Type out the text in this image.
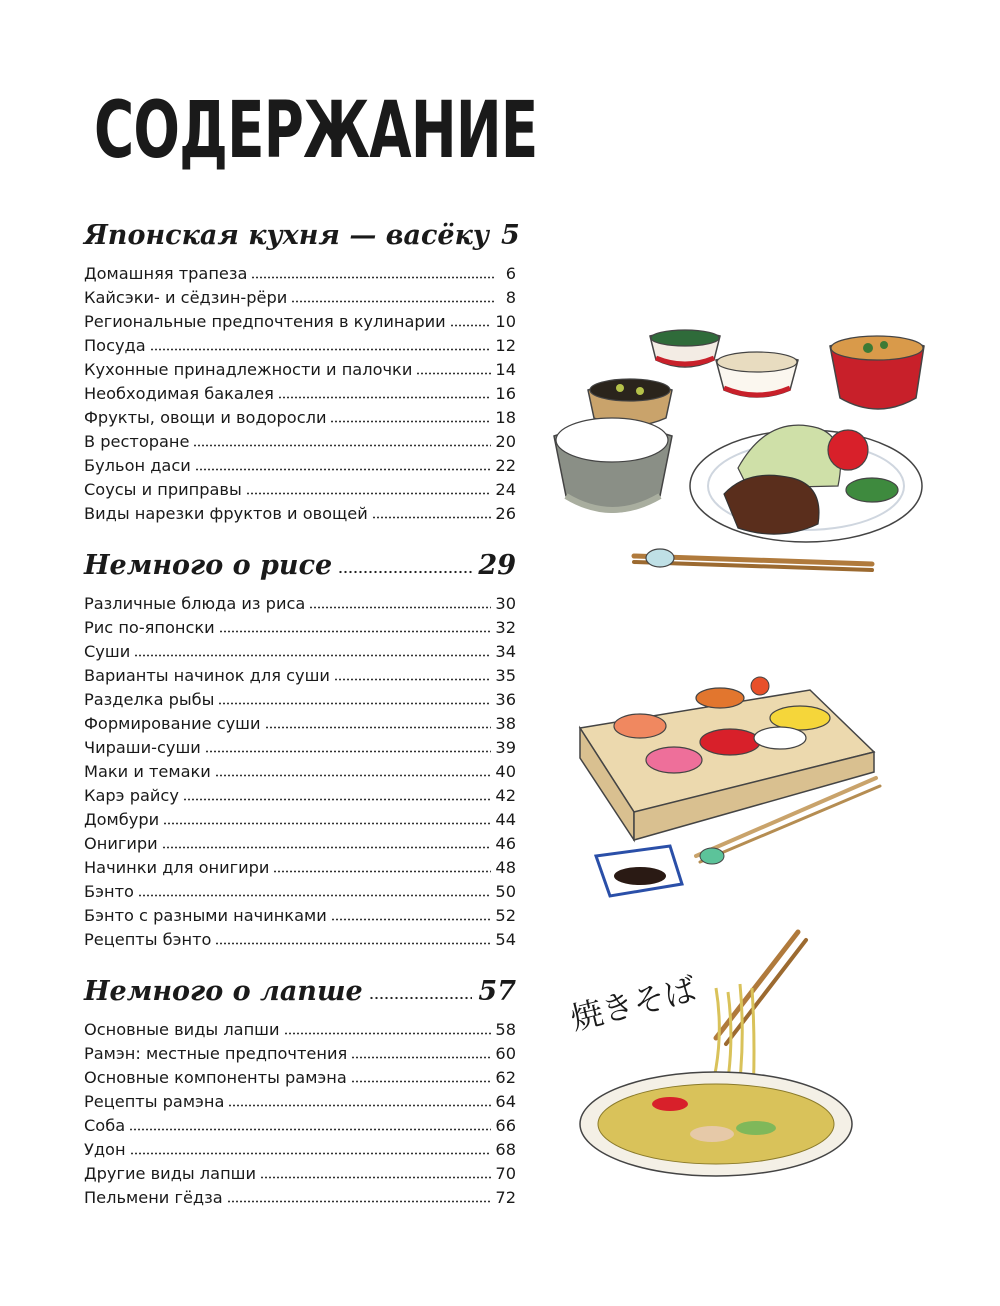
СОДЕРЖАНИЕ
Японская кухня — васёку 5
Домашняя трапеза	6
Кайсэки- и сёдзин-рёри	8
Региональные предпочтения в кулинарии	10
Посуда	12
Кухонные принадлежности и палочки	14
Необходимая бакалея	16
Фрукты, овощи и водоросли	18
В ресторане	20
Бульон даси	22
Соусы и приправы	24
Виды нарезки фруктов и овощей	26
Немного о рисе	29
Различные блюда из риса	30
Рис по-японски	32
Суши	34
Варианты начинок для суши	35
Разделка рыбы	36
Формирование суши	38
Чираши-суши	39
Маки и темаки	40
Карэ райсу	42
Домбури	44
Онигири	46
Начинки для онигири	48
Бэнто	50
Бэнто с разными начинками	52
Рецепты бэнто	54
Немного о лапше	57
Основные виды лапши	58
Рамэн: местные предпочтения	60
Основные компоненты рамэна	62
Рецепты рамэна	64
Соба	66
Удон	68
Другие виды лапши	70
Пельмени гёдза	72
焼きそば
